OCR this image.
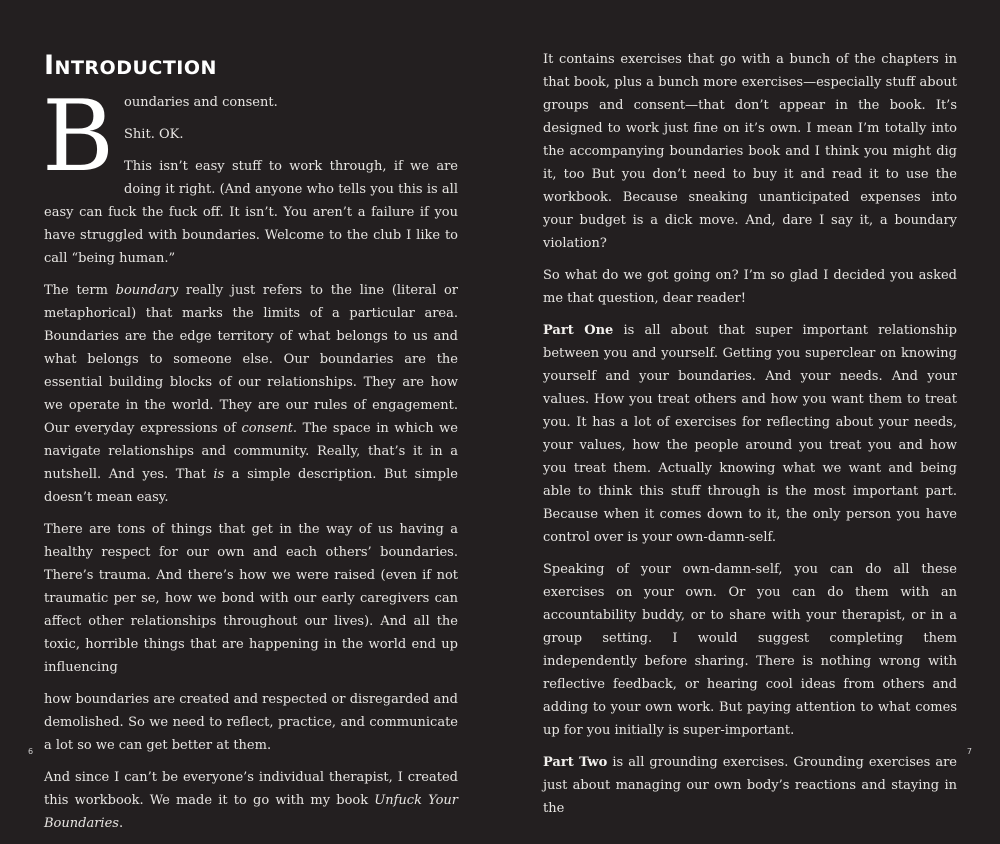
Introduction
B oundaries and consent.
Shit. OK.

This isn’t easy stuff to work through, if we are doing it right. (And anyone who tells you this is all easy can fuck the fuck off. It isn’t. You aren’t a failure if you have struggled with boundaries. Welcome to the club I like to call “being human.”

The term boundary really just refers to the line (literal or metaphorical) that marks the limits of a particular area. Boundaries are the edge territory of what belongs to us and what belongs to someone else. Our boundaries are the essential building blocks of our relationships. They are how we operate in the world. They are our rules of engagement. Our everyday expressions of consent. The space in which we navigate relationships and community. Really, that’s it in a nutshell. And yes. That is a simple description. But simple doesn’t mean easy.

There are tons of things that get in the way of us having a healthy respect for our own and each others’ boundaries. There’s trauma. And there’s how we were raised (even if not traumatic per se, how we bond with our early caregivers can affect other relationships throughout our lives). And all the toxic, horrible things that are happening in the world end up influencing

how boundaries are created and respected or disregarded and demolished. So we need to reflect, practice, and communicate a lot so we can get better at them.

And since I can’t be everyone’s individual therapist, I created this workbook. We made it to go with my book Unfuck Your Boundaries.

6

It contains exercises that go with a bunch of the chapters in that book, plus a bunch more exercises—especially stuff about groups and consent—that don’t appear in the book. It’s designed to work just fine on it’s own. I mean I’m totally into the accompanying boundaries book and I think you might dig it, too But you don’t need to buy it and read it to use the workbook. Because sneaking unanticipated expenses into your budget is a dick move. And, dare I say it, a boundary violation?

So what do we got going on? I’m so glad I decided you asked me that question, dear reader!

Part One is all about that super important relationship between you and yourself. Getting you superclear on knowing yourself and your boundaries. And your needs. And your values. How you treat others and how you want them to treat you. It has a lot of exercises for reflecting about your needs, your values, how the people around you treat you and how you treat them. Actually knowing what we want and being able to think this stuff through is the most important part. Because when it comes down to it, the only person you have control over is your own-damn-self.

Speaking of your own-damn-self, you can do all these exercises on your own. Or you can do them with an accountability buddy, or to share with your therapist, or in a group setting. I would suggest completing them independently before sharing. There is nothing wrong with reflective feedback, or hearing cool ideas from others and adding to your own work. But paying attention to what comes up for you initially is super-important.

Part Two is all grounding exercises. Grounding exercises are just about managing our own body’s reactions and staying in the

7
